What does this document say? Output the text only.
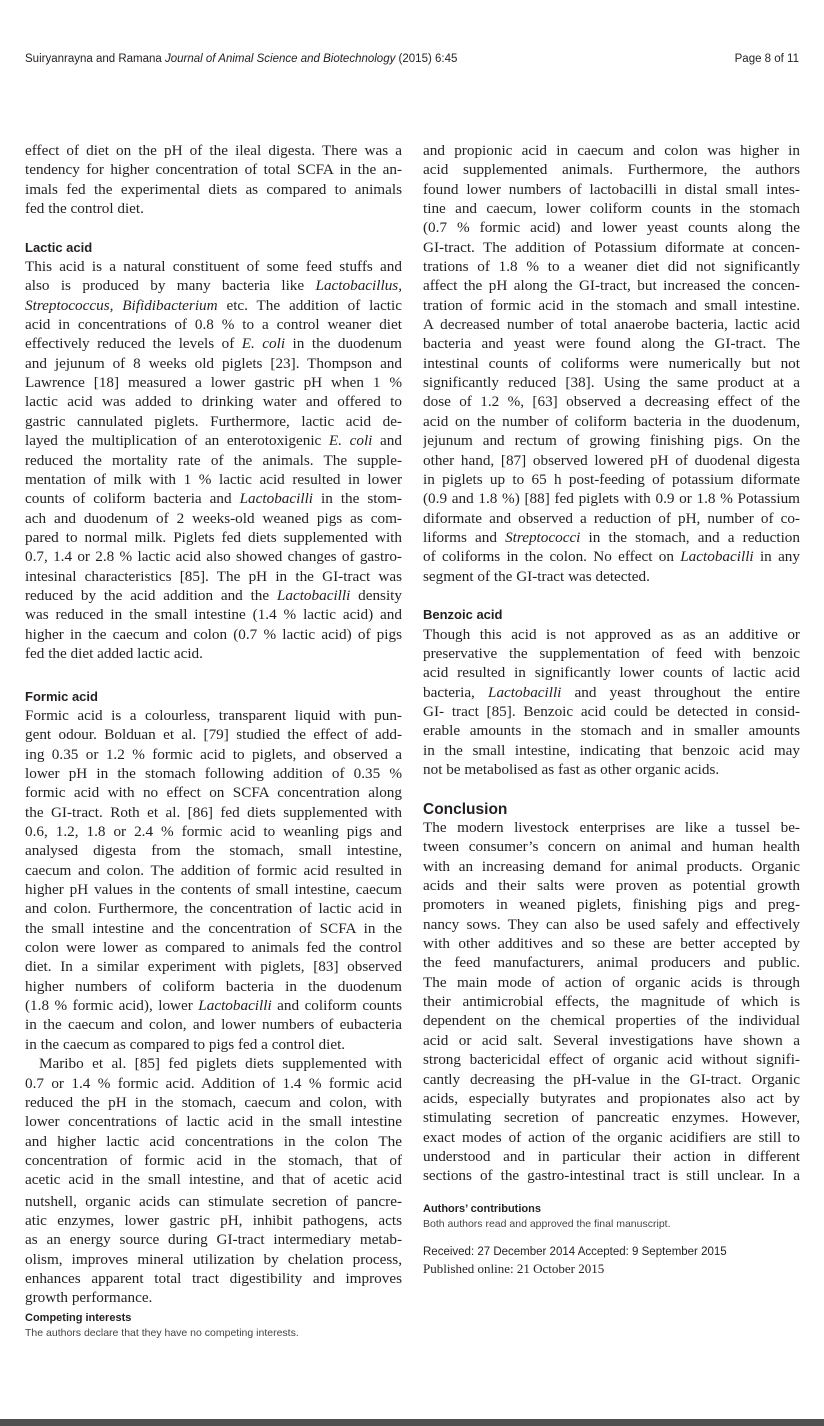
Suiryanrayna and Ramana Journal of Animal Science and Biotechnology (2015) 6:45	Page 8 of 11
effect of diet on the pH of the ileal digesta. There was a
tendency for higher concentration of total SCFA in the an-
imals fed the experimental diets as compared to animals
fed the control diet.
Lactic acid
This acid is a natural constituent of some feed stuffs and
also is produced by many bacteria like Lactobacillus,
Streptococcus, Bifidibacterium etc. The addition of lactic
acid in concentrations of 0.8 % to a control weaner diet
effectively reduced the levels of E. coli in the duodenum
and jejunum of 8 weeks old piglets [23]. Thompson and
Lawrence [18] measured a lower gastric pH when 1 %
lactic acid was added to drinking water and offered to
gastric cannulated piglets. Furthermore, lactic acid de-
layed the multiplication of an enterotoxigenic E. coli and
reduced the mortality rate of the animals. The supple-
mentation of milk with 1 % lactic acid resulted in lower
counts of coliform bacteria and Lactobacilli in the stom-
ach and duodenum of 2 weeks-old weaned pigs as com-
pared to normal milk. Piglets fed diets supplemented with
0.7, 1.4 or 2.8 % lactic acid also showed changes of gastro-
intesinal characteristics [85]. The pH in the GI-tract was
reduced by the acid addition and the Lactobacilli density
was reduced in the small intestine (1.4 % lactic acid) and
higher in the caecum and colon (0.7 % lactic acid) of pigs
fed the diet added lactic acid.
Formic acid
Formic acid is a colourless, transparent liquid with pun-
gent odour. Bolduan et al. [79] studied the effect of add-
ing 0.35 or 1.2 % formic acid to piglets, and observed a
lower pH in the stomach following addition of 0.35 %
formic acid with no effect on SCFA concentration along
the GI-tract. Roth et al. [86] fed diets supplemented with
0.6, 1.2, 1.8 or 2.4 % formic acid to weanling pigs and
analysed digesta from the stomach, small intestine,
caecum and colon. The addition of formic acid resulted in
higher pH values in the contents of small intestine, caecum
and colon. Furthermore, the concentration of lactic acid in
the small intestine and the concentration of SCFA in the
colon were lower as compared to animals fed the control
diet. In a similar experiment with piglets, [83] observed
higher numbers of coliform bacteria in the duodenum
(1.8 % formic acid), lower Lactobacilli and coliform counts
in the caecum and colon, and lower numbers of eubacteria
in the caecum as compared to pigs fed a control diet.
Maribo et al. [85] fed piglets diets supplemented with
0.7 or 1.4 % formic acid. Addition of 1.4 % formic acid
reduced the pH in the stomach, caecum and colon, with
lower concentrations of lactic acid in the small intestine
and higher lactic acid concentrations in the colon The
concentration of formic acid in the stomach, that of
acetic acid in the small intestine, and that of acetic acid
nutshell, organic acids can stimulate secretion of pancre-
atic enzymes, lower gastric pH, inhibit pathogens, acts
as an energy source during GI-tract intermediary metab-
olism, improves mineral utilization by chelation process,
enhances apparent total tract digestibility and improves
growth performance.
Competing interests
The authors declare that they have no competing interests.
and propionic acid in caecum and colon was higher in
acid supplemented animals. Furthermore, the authors
found lower numbers of lactobacilli in distal small intes-
tine and caecum, lower coliform counts in the stomach
(0.7 % formic acid) and lower yeast counts along the
GI-tract. The addition of Potassium diformate at concen-
trations of 1.8 % to a weaner diet did not significantly
affect the pH along the GI-tract, but increased the concen-
tration of formic acid in the stomach and small intestine.
A decreased number of total anaerobe bacteria, lactic acid
bacteria and yeast were found along the GI-tract. The
intestinal counts of coliforms were numerically but not
significantly reduced [38]. Using the same product at a
dose of 1.2 %, [63] observed a decreasing effect of the
acid on the number of coliform bacteria in the duodenum,
jejunum and rectum of growing finishing pigs. On the
other hand, [87] observed lowered pH of duodenal digesta
in piglets up to 65 h post-feeding of potassium diformate
(0.9 and 1.8 %) [88] fed piglets with 0.9 or 1.8 % Potassium
diformate and observed a reduction of pH, number of co-
liforms and Streptococci in the stomach, and a reduction
of coliforms in the colon. No effect on Lactobacilli in any
segment of the GI-tract was detected.
Benzoic acid
Though this acid is not approved as as an additive or
preservative the supplementation of feed with benzoic
acid resulted in significantly lower counts of lactic acid
bacteria, Lactobacilli and yeast throughout the entire
GI- tract [85]. Benzoic acid could be detected in consid-
erable amounts in the stomach and in smaller amounts
in the small intestine, indicating that benzoic acid may
not be metabolised as fast as other organic acids.
Conclusion
The modern livestock enterprises are like a tussel be-
tween consumer’s concern on animal and human health
with an increasing demand for animal products. Organic
acids and their salts were proven as potential growth
promoters in weaned piglets, finishing pigs and preg-
nancy sows. They can also be used safely and effectively
with other additives and so these are better accepted by
the feed manufacturers, animal producers and public.
The main mode of action of organic acids is through
their antimicrobial effects, the magnitude of which is
dependent on the chemical properties of the individual
acid or acid salt. Several investigations have shown a
strong bactericidal effect of organic acid without signifi-
cantly decreasing the pH-value in the GI-tract. Organic
acids, especially butyrates and propionates also act by
stimulating secretion of pancreatic enzymes. However,
exact modes of action of the organic acidifiers are still to
understood and in particular their action in different
sections of the gastro-intestinal tract is still unclear. In a
Authors’ contributions
Both authors read and approved the final manuscript.
Received: 27 December 2014 Accepted: 9 September 2015
Published online: 21 October 2015
